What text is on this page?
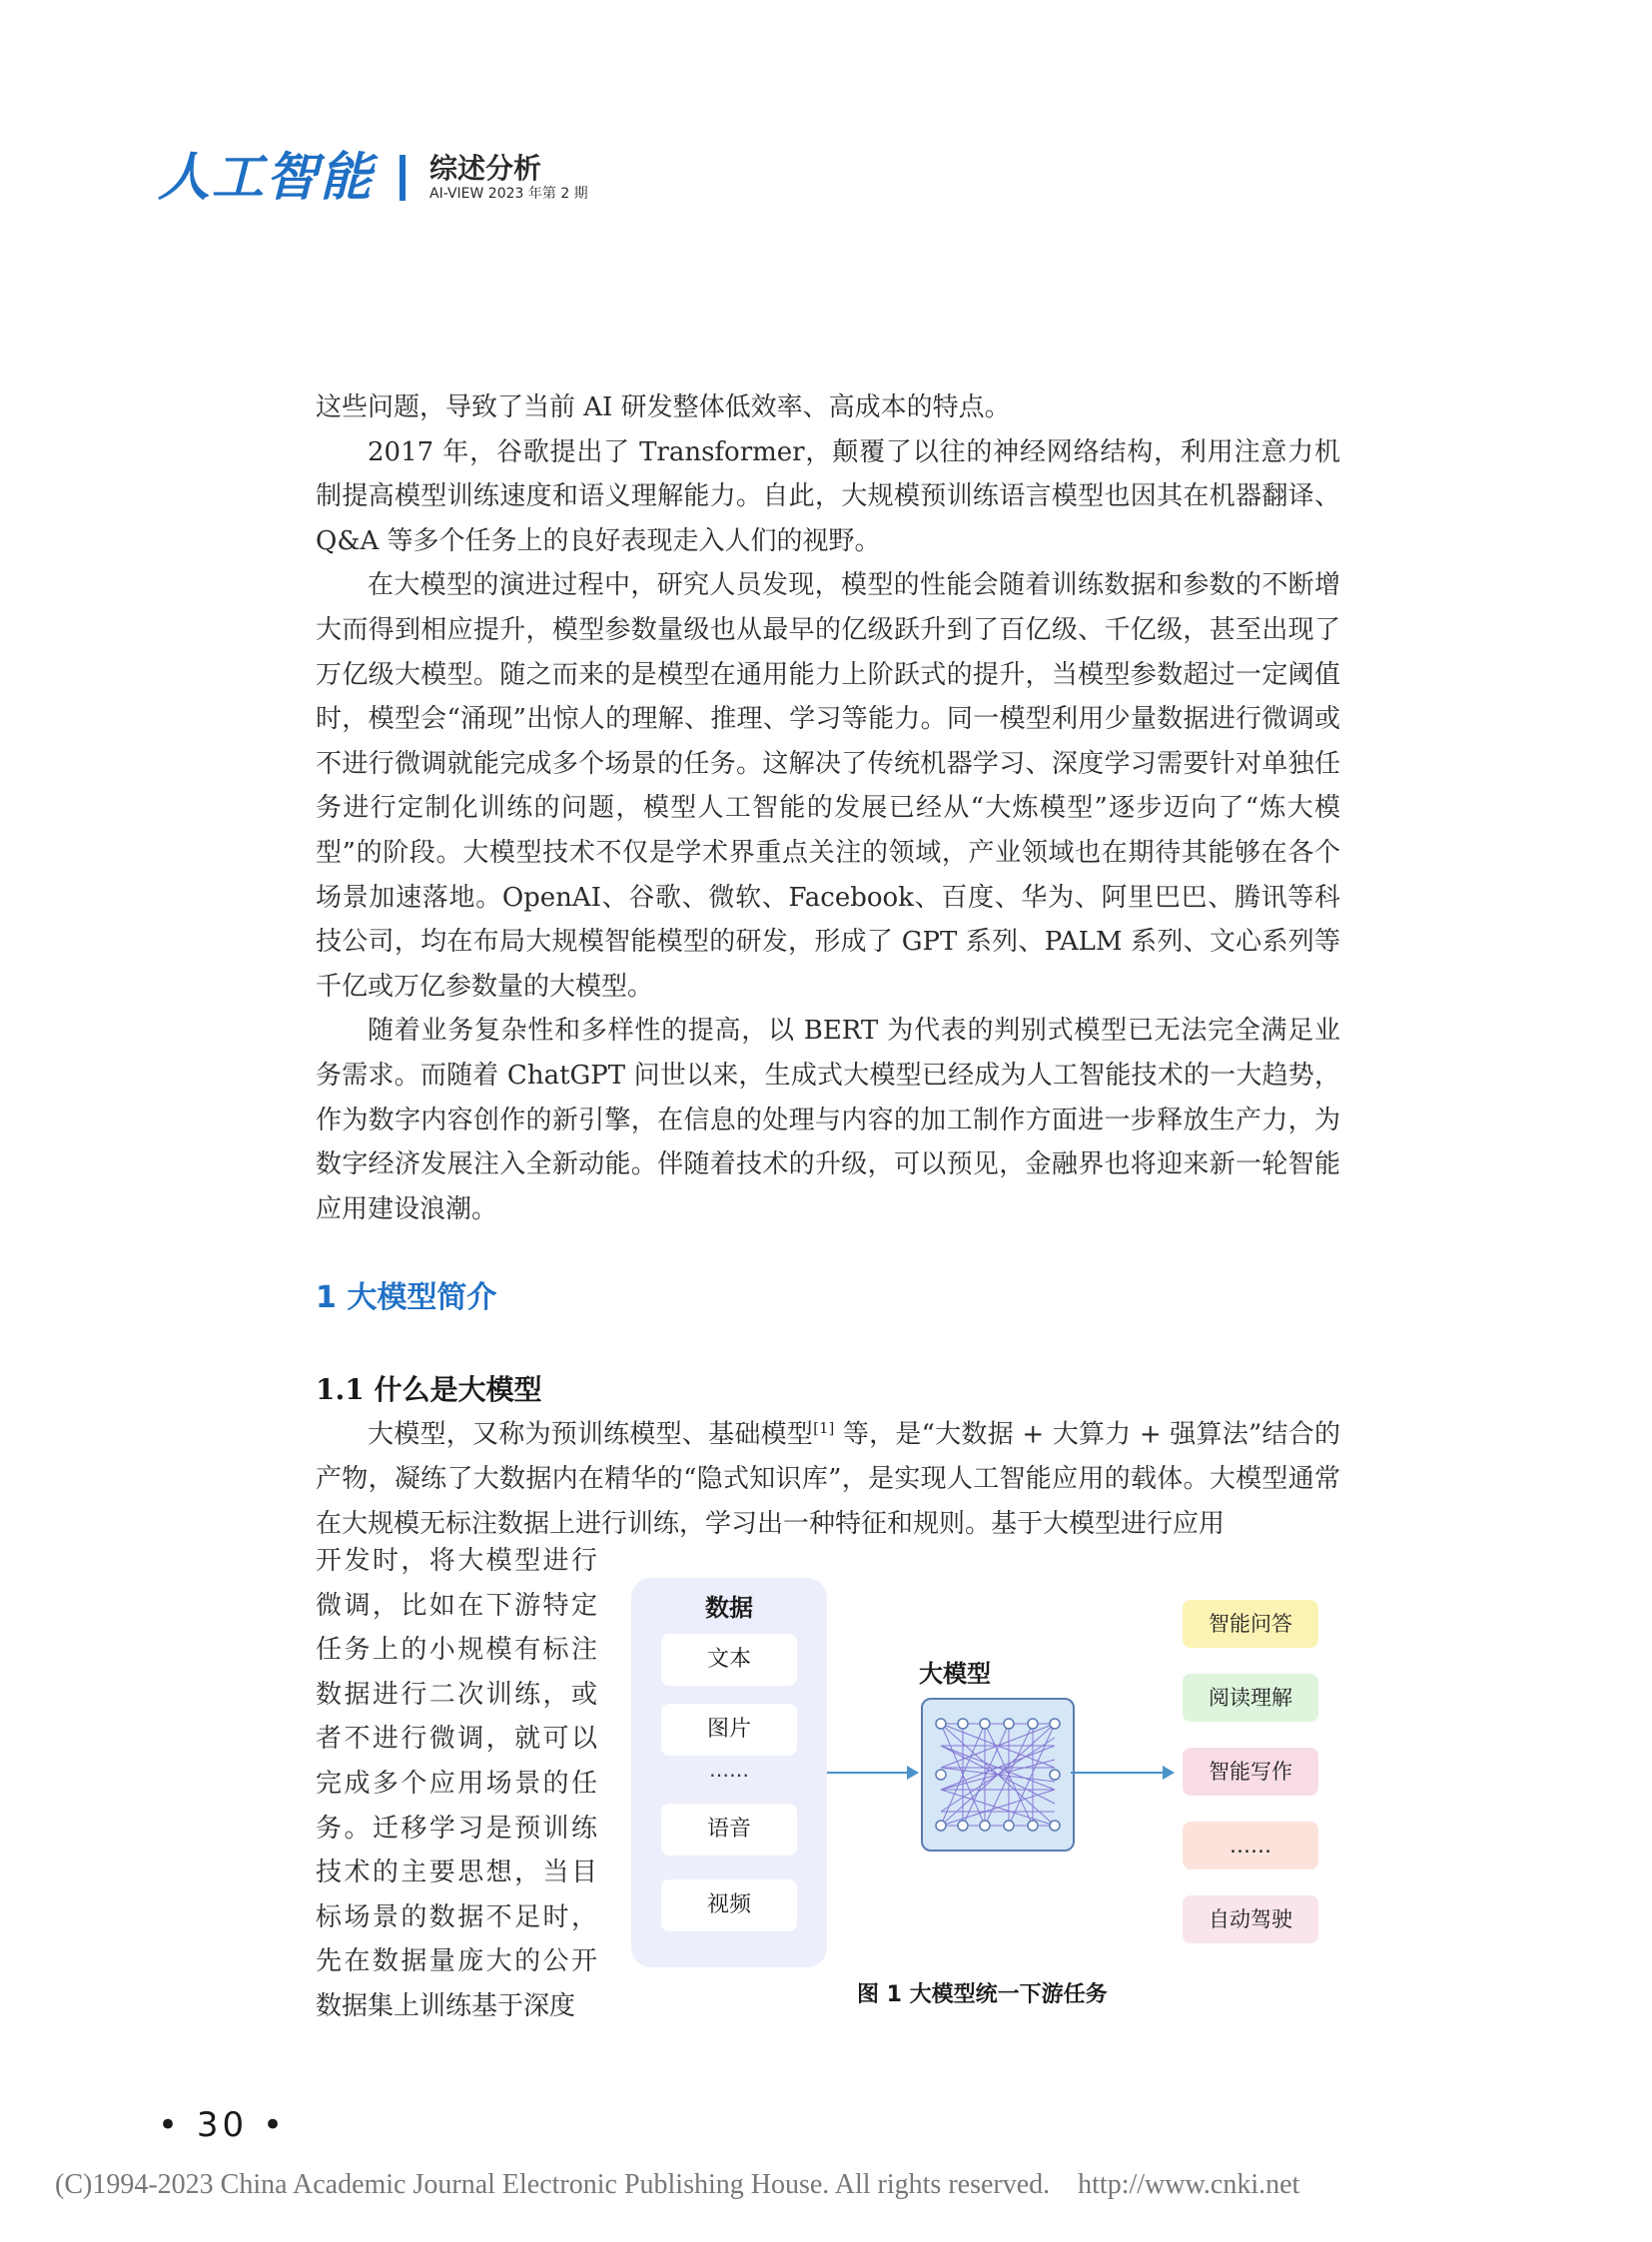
人工智能 综述分析
AI-VIEW 2023 年第 2 期

这些问题，导致了当前 AI 研发整体低效率、高成本的特点。

2017 年，谷歌提出了 Transformer，颠覆了以往的神经网络结构，利用注意力机制提高模型训练速度和语义理解能力。自此，大规模预训练语言模型也因其在机器翻译、Q&A 等多个任务上的良好表现走入人们的视野。

在大模型的演进过程中，研究人员发现，模型的性能会随着训练数据和参数的不断增大而得到相应提升，模型参数量级也从最早的亿级跃升到了百亿级、千亿级，甚至出现了万亿级大模型。随之而来的是模型在通用能力上阶跃式的提升，当模型参数超过一定阈值时，模型会“涌现”出惊人的理解、推理、学习等能力。同一模型利用少量数据进行微调或不进行微调就能完成多个场景的任务。这解决了传统机器学习、深度学习需要针对单独任务进行定制化训练的问题，模型人工智能的发展已经从“大炼模型”逐步迈向了“炼大模型”的阶段。大模型技术不仅是学术界重点关注的领域，产业领域也在期待其能够在各个场景加速落地。OpenAI、谷歌、微软、Facebook、百度、华为、阿里巴巴、腾讯等科技公司，均在布局大规模智能模型的研发，形成了 GPT 系列、PALM 系列、文心系列等千亿或万亿参数量的大模型。

随着业务复杂性和多样性的提高，以 BERT 为代表的判别式模型已无法完全满足业务需求。而随着 ChatGPT 问世以来，生成式大模型已经成为人工智能技术的一大趋势，作为数字内容创作的新引擎，在信息的处理与内容的加工制作方面进一步释放生产力，为数字经济发展注入全新动能。伴随着技术的升级，可以预见，金融界也将迎来新一轮智能应用建设浪潮。

1 大模型简介
1.1 什么是大模型

大模型，又称为预训练模型、基础模型[1] 等，是“大数据 + 大算力 + 强算法”结合的产物，凝练了大数据内在精华的“隐式知识库”，是实现人工智能应用的载体。大模型通常在大规模无标注数据上进行训练，学习出一种特征和规则。基于大模型进行应用

开发时，将大模型进行微调，比如在下游特定任务上的小规模有标注数据进行二次训练，或者不进行微调，就可以完成多个应用场景的任务。迁移学习是预训练技术的主要思想，当目标场景的数据不足时，先在数据量庞大的公开数据集上训练基于深度

数据
文本
图片
……
语音
视频
大模型
智能问答
阅读理解
智能写作
……
自动驾驶
图 1 大模型统一下游任务
• 30 •
(C)1994-2023 China Academic Journal Electronic Publishing House. All rights reserved.    http://www.cnki.net
